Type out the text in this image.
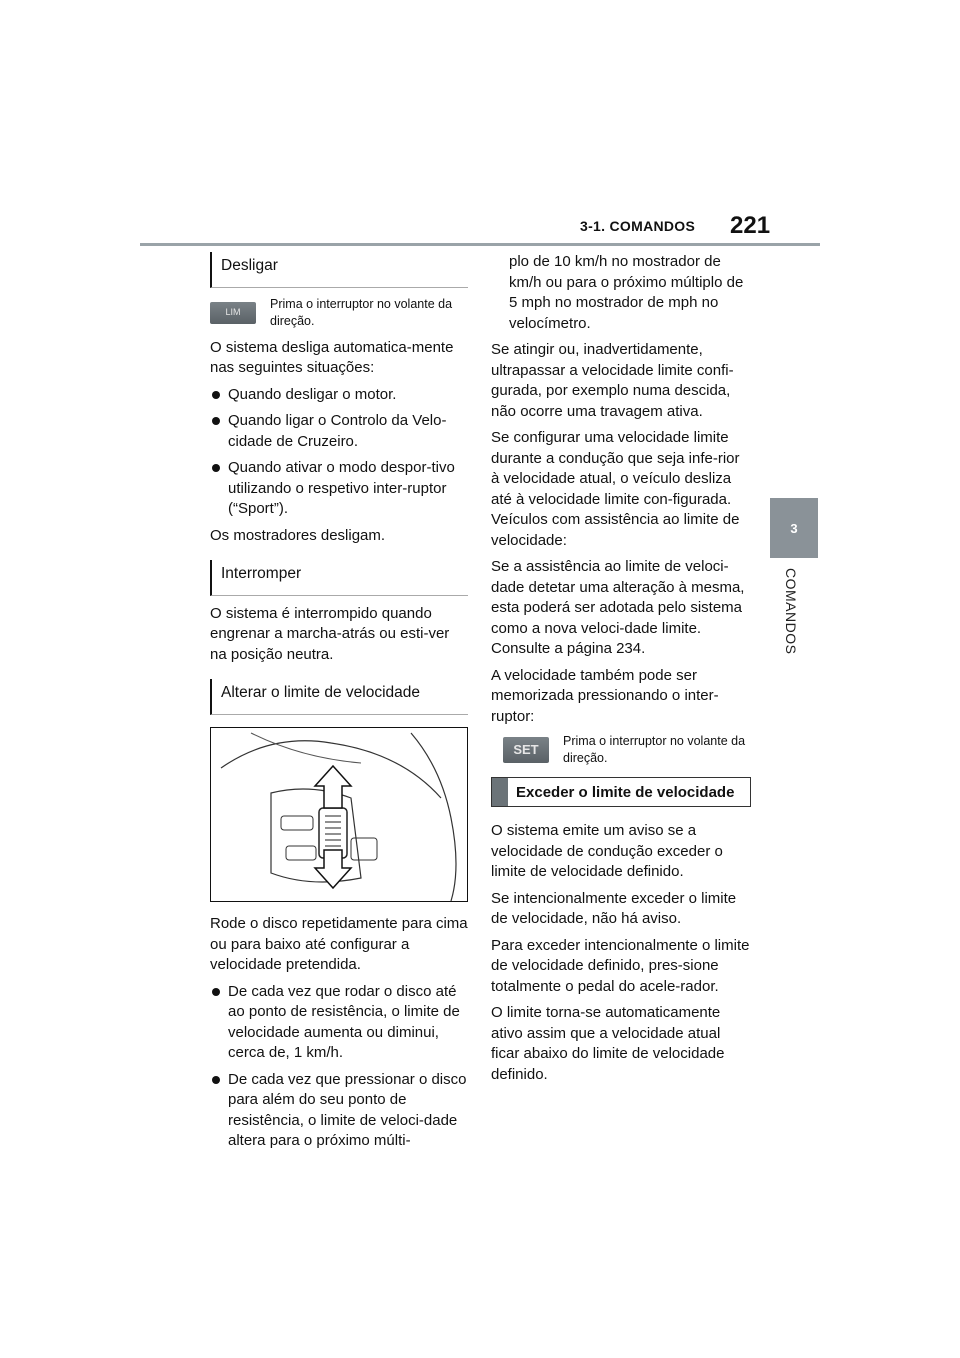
3-1. COMANDOS 221
3
COMANDOS
Desligar
LIM
Prima o interruptor no volante da direção.

O sistema desliga automatica-mente nas seguintes situações:

Quando desligar o motor.
Quando ligar o Controlo da Velo-cidade de Cruzeiro.
Quando ativar o modo despor-tivo utilizando o respetivo inter-ruptor (“Sport”).

Os mostradores desligam.

Interromper

O sistema é interrompido quando engrenar a marcha-atrás ou esti-ver na posição neutra.

Alterar o limite de velocidade

Rode o disco repetidamente para cima ou para baixo até configurar a velocidade pretendida.

De cada vez que rodar o disco até ao ponto de resistência, o limite de velocidade aumenta ou diminui, cerca de, 1 km/h.
De cada vez que pressionar o disco para além do seu ponto de resistência, o limite de veloci-dade altera para o próximo múlti-

plo de 10 km/h no mostrador de km/h ou para o próximo múltiplo de 5 mph no mostrador de mph no velocímetro.

Se atingir ou, inadvertidamente, ultrapassar a velocidade limite confi-gurada, por exemplo numa descida, não ocorre uma travagem ativa.

Se configurar uma velocidade limite durante a condução que seja infe-rior à velocidade atual, o veículo desliza até à velocidade limite con-figurada. Veículos com assistência ao limite de velocidade:

Se a assistência ao limite de veloci-dade detetar uma alteração à mesma, esta poderá ser adotada pelo sistema como a nova veloci-dade limite. Consulte a página 234.

A velocidade também pode ser memorizada pressionando o inter-ruptor:

SET
Prima o interruptor no volante da direção.
Exceder o limite de velocidade

O sistema emite um aviso se a velocidade de condução exceder o limite de velocidade definido.

Se intencionalmente exceder o limite de velocidade, não há aviso.

Para exceder intencionalmente o limite de velocidade definido, pres-sione totalmente o pedal do acele-rador.

O limite torna-se automaticamente ativo assim que a velocidade atual ficar abaixo do limite de velocidade definido.
